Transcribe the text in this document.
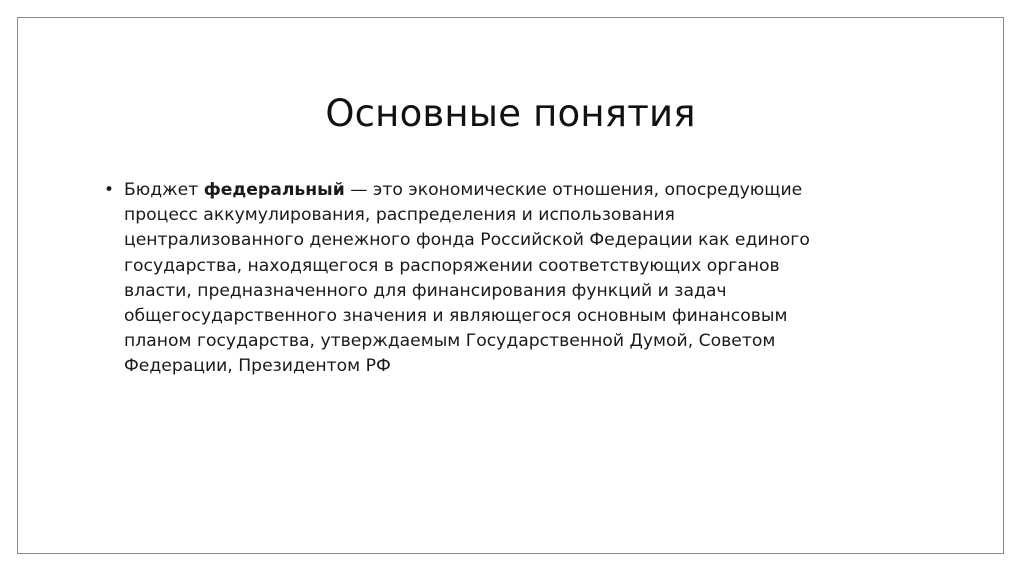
Основные понятия
• Бюджет федеральный — это экономические отношения, опосредующие
процесс аккумулирования, распределения и использования
централизованного денежного фонда Российской Федерации как единого
государства, находящегося в распоряжении соответствующих органов
власти, предназначенного для финансирования функций и задач
общегосударственного значения и являющегося основным финансовым
планом государства, утверждаемым Государственной Думой, Советом
Федерации, Президентом РФ
